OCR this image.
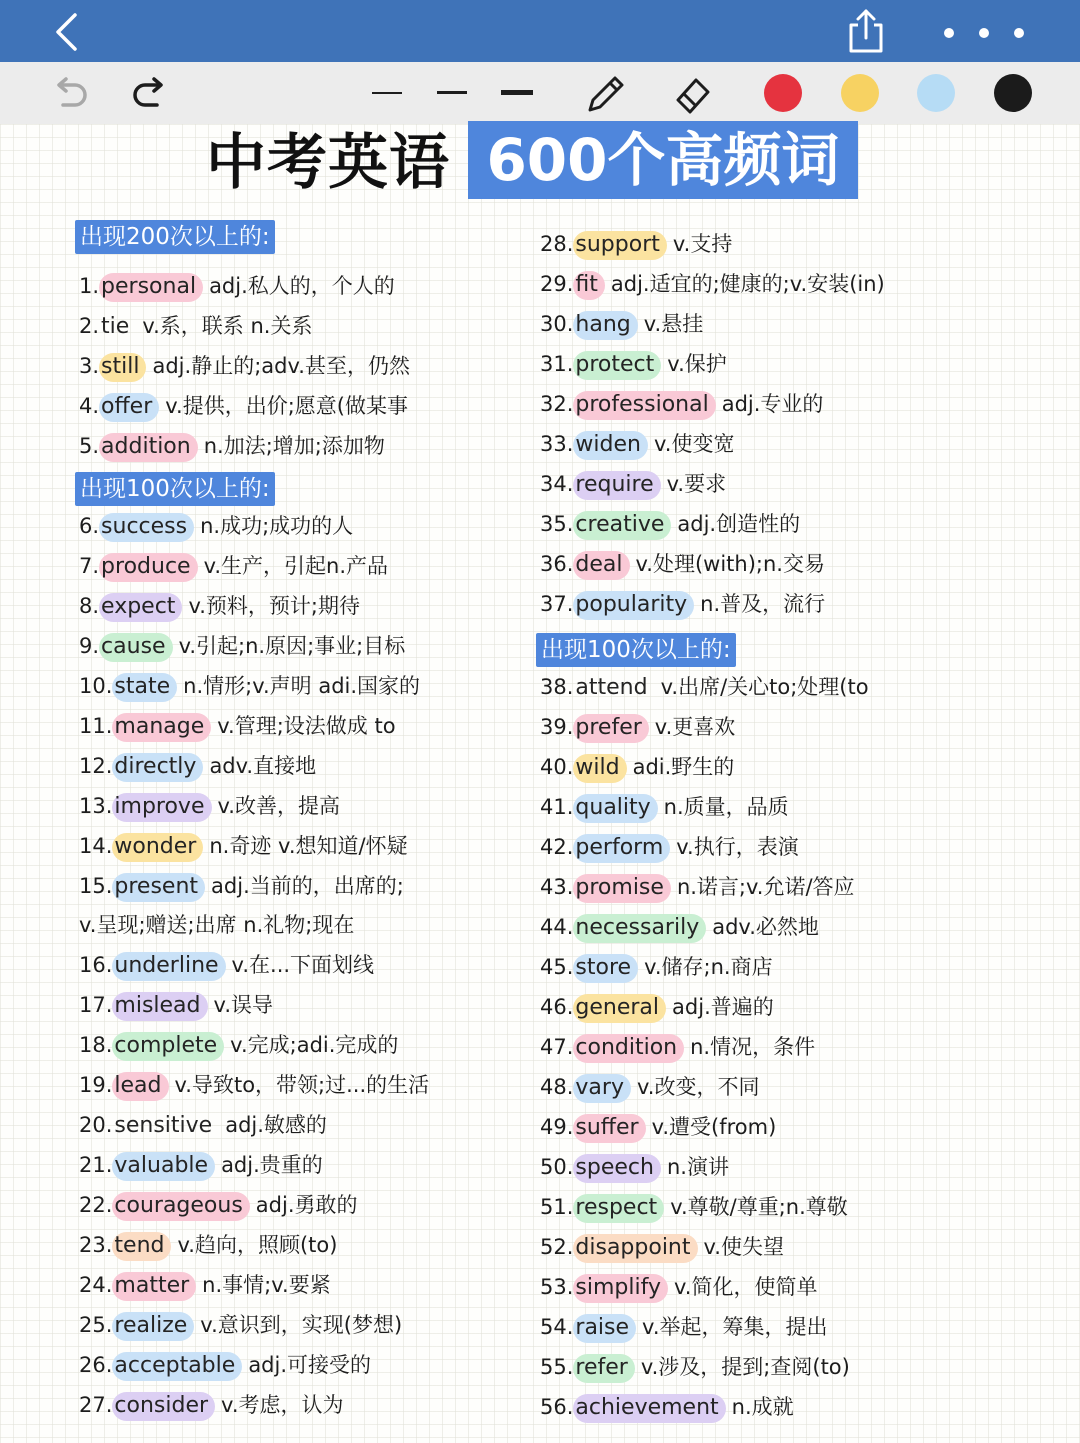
中考英语 600个高频词
出现200次以上的:
出现100次以上的:
出现100次以上的:
1.personal adj.私人的，个人的
2.tie v.系，联系 n.关系
3.still adj.静止的;adv.甚至，仍然
4.offer v.提供，出价;愿意(做某事
5.addition n.加法;增加;添加物
6.success n.成功;成功的人
7.produce v.生产，引起n.产品
8.expect v.预料，预计;期待
9.cause v.引起;n.原因;事业;目标
10.state n.情形;v.声明 adi.国家的
11.manage v.管理;设法做成 to
12.directly adv.直接地
13.improve v.改善，提高
14.wonder n.奇迹 v.想知道/怀疑
15.present adj.当前的，出席的;
16.underline v.在...下面划线
17.mislead v.误导
18.complete v.完成;adi.完成的
19.lead v.导致to，带领;过...的生活
20.sensitive adj.敏感的
21.valuable adj.贵重的
22.courageous adj.勇敢的
23.tend v.趋向，照顾(to)
24.matter n.事情;v.要紧
25.realize v.意识到，实现(梦想)
26.acceptable adj.可接受的
27.consider v.考虑，认为
28.support v.支持
29.fit adj.适宜的;健康的;v.安装(in)
30.hang v.悬挂
31.protect v.保护
32.professional adj.专业的
33.widen v.使变宽
34.require v.要求
35.creative adj.创造性的
36.deal v.处理(with);n.交易
37.popularity n.普及，流行
38.attend v.出席/关心to;处理(to
39.prefer v.更喜欢
40.wild adi.野生的
41.quality n.质量，品质
42.perform v.执行，表演
43.promise n.诺言;v.允诺/答应
44.necessarily adv.必然地
45.store v.储存;n.商店
46.general adj.普遍的
47.condition n.情况，条件
48.vary v.改变，不同
49.suffer v.遭受(from)
50.speech n.演讲
51.respect v.尊敬/尊重;n.尊敬
52.disappoint v.使失望
53.simplify v.简化，使简单
54.raise v.举起，筹集，提出
55.refer v.涉及，提到;查阅(to)
56.achievement n.成就
v.呈现;赠送;出席 n.礼物;现在
